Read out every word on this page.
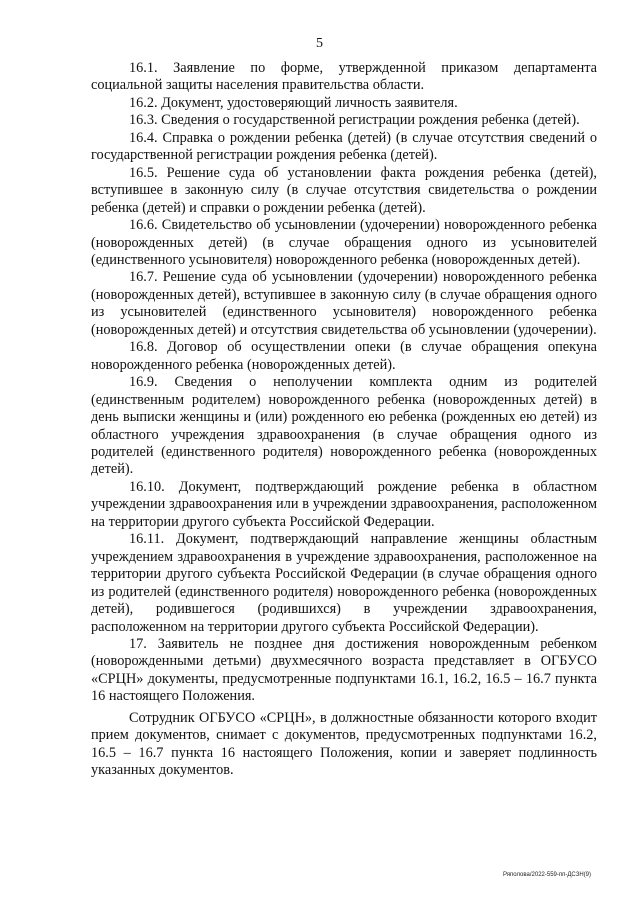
5

16.1. Заявление по форме, утвержденной приказом департамента социальной защиты населения правительства области.

16.2. Документ, удостоверяющий личность заявителя.

16.3. Сведения о государственной регистрации рождения ребенка (детей).

16.4. Справка о рождении ребенка (детей) (в случае отсутствия сведений о государственной регистрации рождения ребенка (детей).

16.5. Решение суда об установлении факта рождения ребенка (детей), вступившее в законную силу (в случае отсутствия свидетельства о рождении ребенка (детей) и справки о рождении ребенка (детей).

16.6. Свидетельство об усыновлении (удочерении) новорожденного ребенка (новорожденных детей) (в случае обращения одного из усыновителей (единственного усыновителя) новорожденного ребенка (новорожденных детей).

16.7. Решение суда об усыновлении (удочерении) новорожденного ребенка (новорожденных детей), вступившее в законную силу (в случае обращения одного из усыновителей (единственного усыновителя) новорожденного ребенка (новорожденных детей) и отсутствия свидетельства об усыновлении (удочерении).

16.8. Договор об осуществлении опеки (в случае обращения опекуна новорожденного ребенка (новорожденных детей).

16.9. Сведения о неполучении комплекта одним из родителей (единственным родителем) новорожденного ребенка (новорожденных детей) в день выписки женщины и (или) рожденного ею ребенка (рожденных ею детей) из областного учреждения здравоохранения (в случае обращения одного из родителей (единственного родителя) новорожденного ребенка (новорожденных детей).

16.10. Документ, подтверждающий рождение ребенка в областном учреждении здравоохранения или в учреждении здравоохранения, расположенном на территории другого субъекта Российской Федерации.

16.11. Документ, подтверждающий направление женщины областным учреждением здравоохранения в учреждение здравоохранения, расположенное на территории другого субъекта Российской Федерации (в случае обращения одного из родителей (единственного родителя) новорожденного ребенка (новорожденных детей), родившегося (родившихся) в учреждении здравоохранения, расположенном на территории другого субъекта Российской Федерации).

17. Заявитель не позднее дня достижения новорожденным ребенком (новорожденными детьми) двухмесячного возраста представляет в ОГБУСО «СРЦН» документы, предусмотренные подпунктами 16.1, 16.2, 16.5 – 16.7 пункта 16 настоящего Положения.

Сотрудник ОГБУСО «СРЦН», в должностные обязанности которого входит прием документов, снимает с документов, предусмотренных подпунктами 16.2, 16.5 – 16.7 пункта 16 настоящего Положения, копии и заверяет подлинность указанных документов.

Ряполова/2022-559-пп-ДСЗН(9)
